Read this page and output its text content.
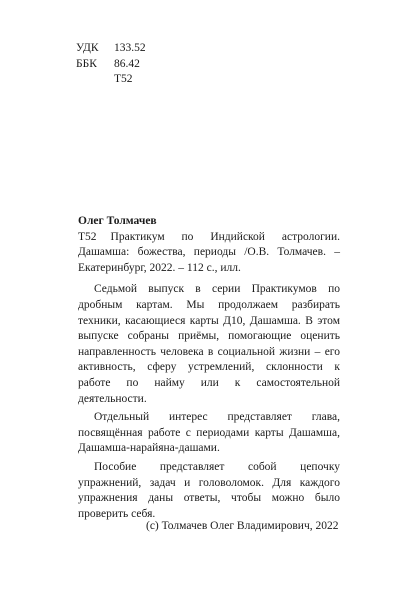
УДК	133.52
ББК	86.42
Т52

Олег Толмачев

Т52 Практикум по Индийской астрологии. Дашамша: божества, периоды /О.В. Толмачев. – Екатеринбург, 2022. – 112 с., илл.

Седьмой выпуск в серии Практикумов по дробным картам. Мы продолжаем разбирать техники, касающиеся карты Д10, Дашамша. В этом выпуске собраны приёмы, помогающие оценить направленность человека в социальной жизни – его активность, сферу устремлений, склонности к работе по найму или к самостоятельной деятельности.

Отдельный интерес представляет глава, посвящённая работе с периодами карты Дашамша, Дашамша-нарайяна-дашами.

Пособие представляет собой цепочку упражнений, задач и головоломок. Для каждого упражнения даны ответы, чтобы можно было проверить себя.

(с) Толмачев Олег Владимирович, 2022
